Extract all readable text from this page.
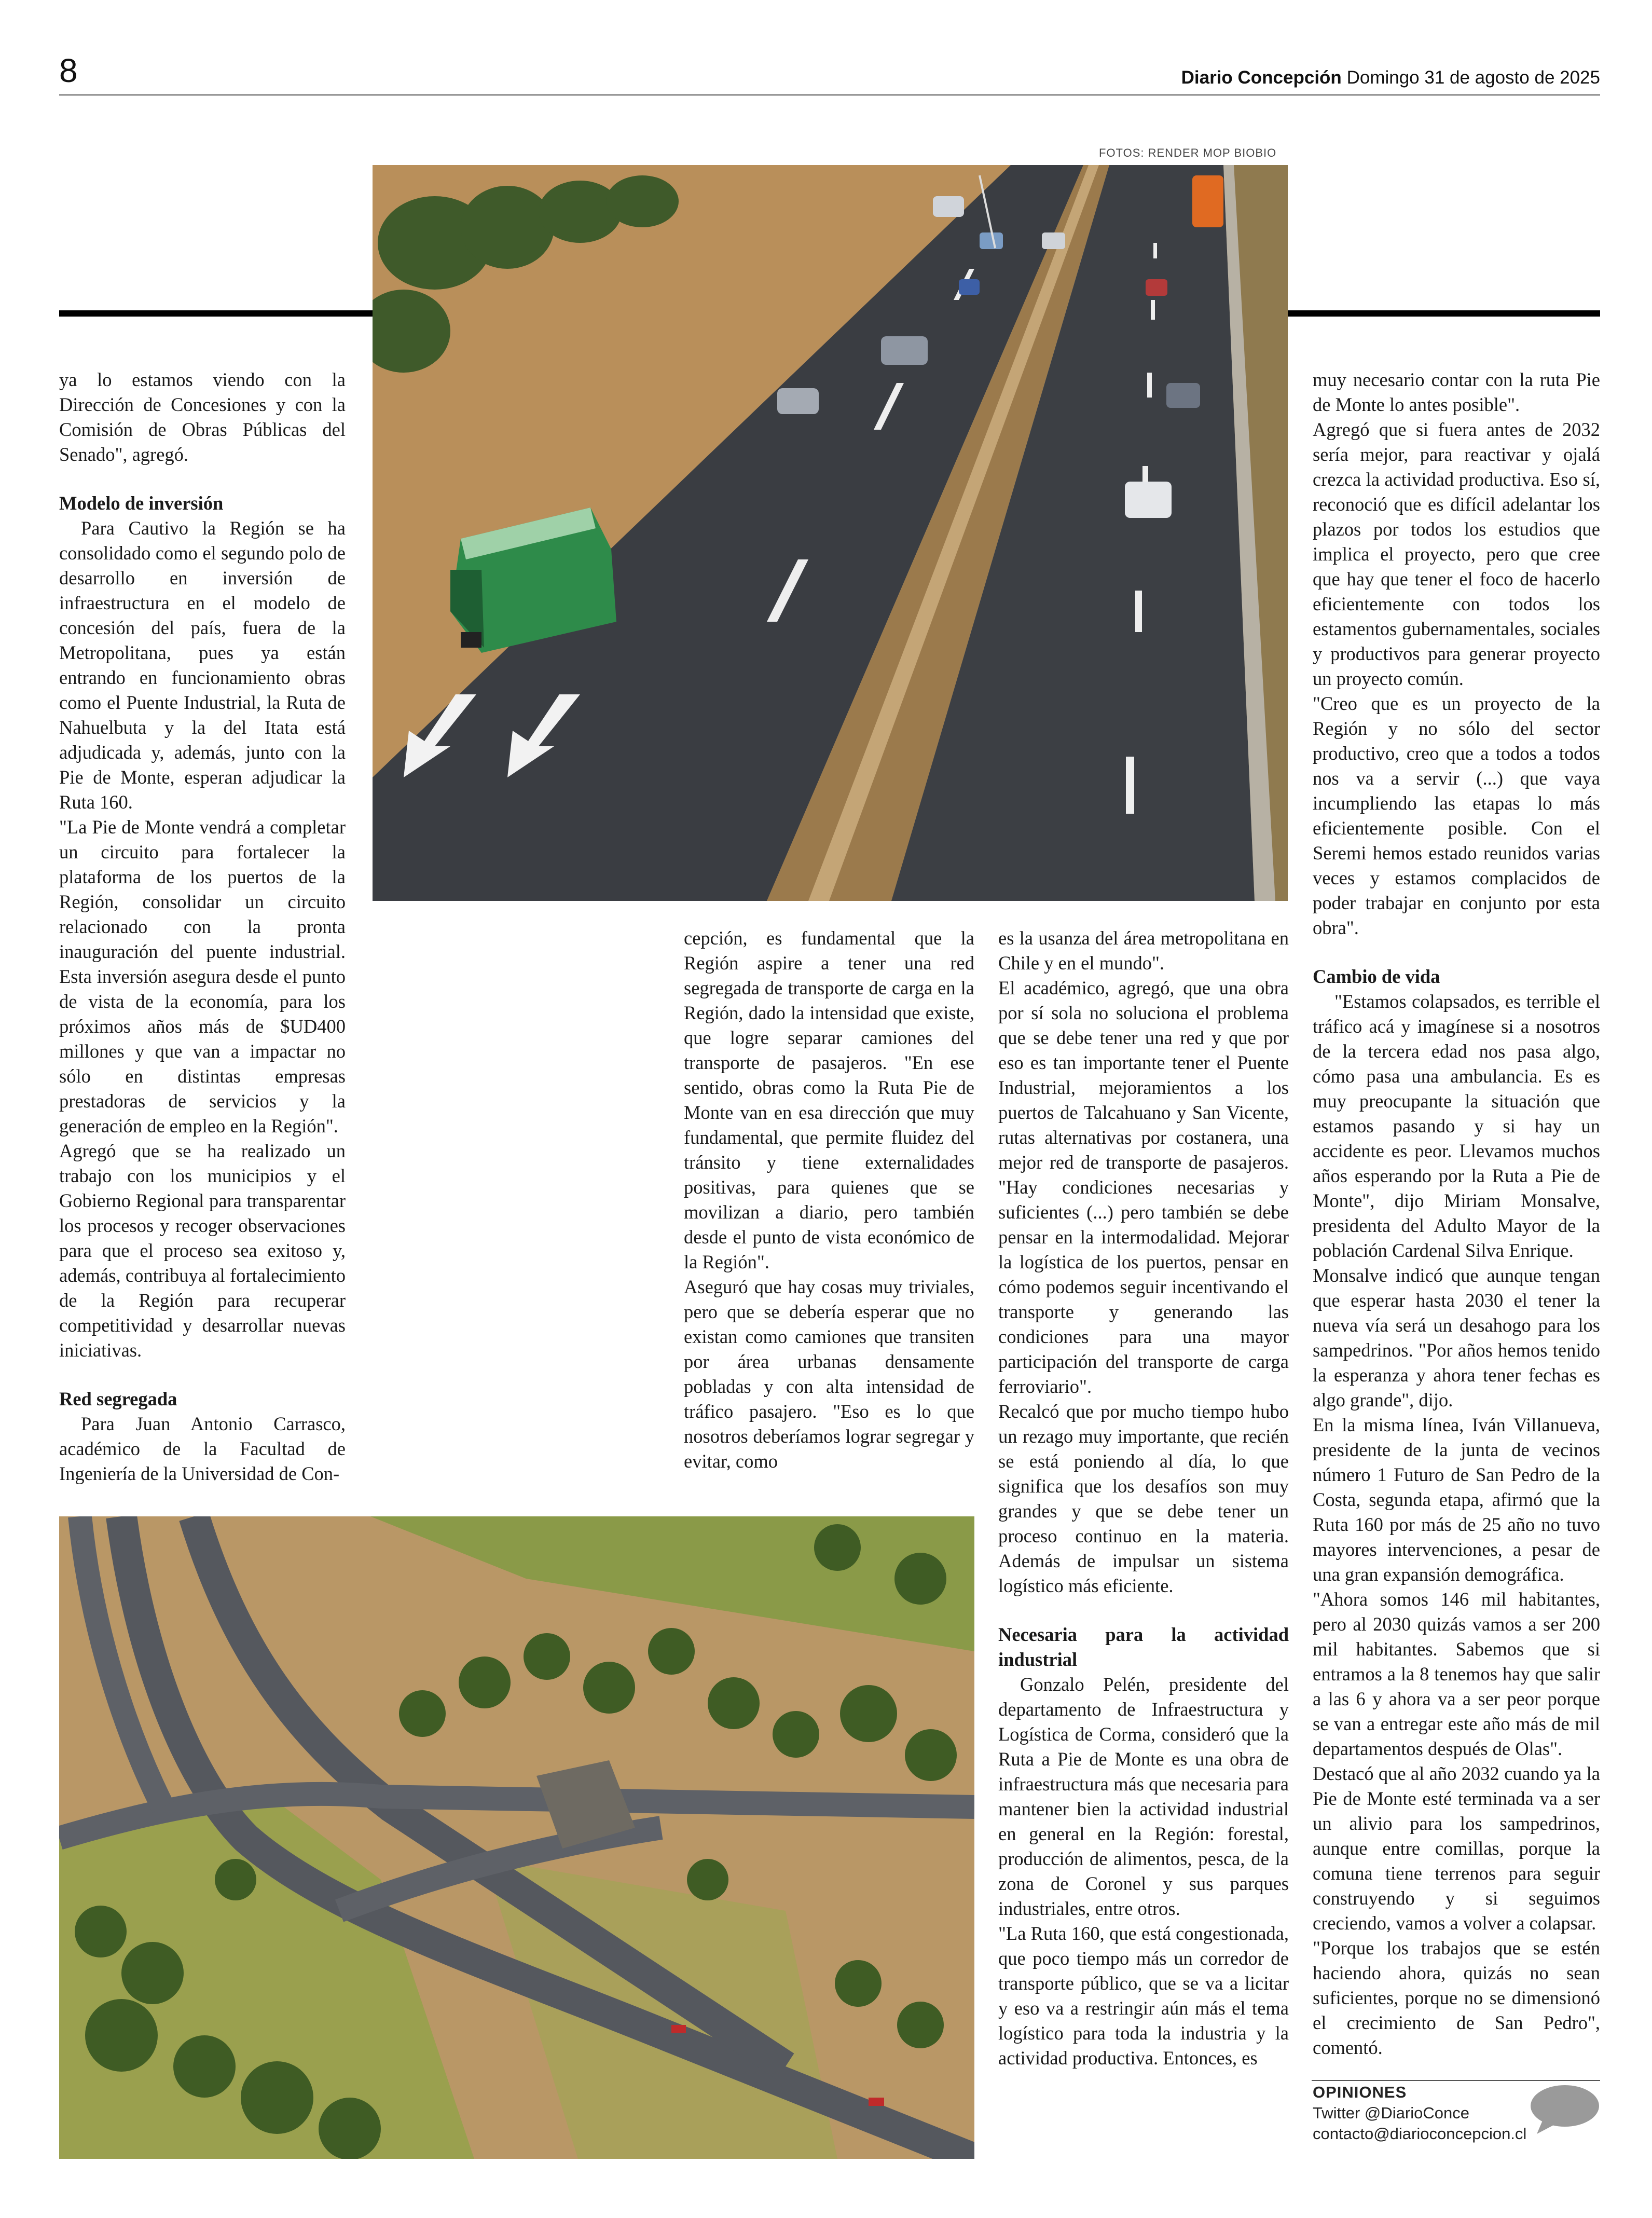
8	Diario Concepción Domingo 31 de agosto de 2025
FOTOS: RENDER MOP BIOBIO

ya lo estamos viendo con la Dirección de Concesiones y con la Comisión de Obras Públicas del Senado", agregó.

Modelo de inversión

Para Cautivo la Región se ha consolidado como el segundo polo de desarrollo en inversión de infraestructura en el modelo de concesión del país, fuera de la Metropolitana, pues ya están entrando en funcionamiento obras como el Puente Industrial, la Ruta de Nahuelbuta y la del Itata está adjudicada y, además, junto con la Pie de Monte, esperan adjudicar la Ruta 160.

"La Pie de Monte vendrá a completar un circuito para fortalecer la plataforma de los puertos de la Región, consolidar un circuito relacionado con la pronta inauguración del puente industrial. Esta inversión asegura desde el punto de vista de la economía, para los próximos años más de $UD400 millones y que van a impactar no sólo en distintas empresas prestadoras de servicios y la generación de empleo en la Región".

Agregó que se ha realizado un trabajo con los municipios y el Gobierno Regional para transparentar los procesos y recoger observaciones para que el proceso sea exitoso y, además, contribuya al fortalecimiento de la Región para recuperar competitividad y desarrollar nuevas iniciativas.

Red segregada

Para Juan Antonio Carrasco, académico de la Facultad de Ingeniería de la Universidad de Con-

cepción, es fundamental que la Región aspire a tener una red segregada de transporte de carga en la Región, dado la intensidad que existe, que logre separar camiones del transporte de pasajeros. "En ese sentido, obras como la Ruta Pie de Monte van en esa dirección que muy fundamental, que permite fluidez del tránsito y tiene externalidades positivas, para quienes que se movilizan a diario, pero también desde el punto de vista económico de la Región".

Aseguró que hay cosas muy triviales, pero que se debería esperar que no existan como camiones que transiten por área urbanas densamente pobladas y con alta intensidad de tráfico pasajero. "Eso es lo que nosotros deberíamos lograr segregar y evitar, como

es la usanza del área metropolitana en Chile y en el mundo".

El académico, agregó, que una obra por sí sola no soluciona el problema que se debe tener una red y que por eso es tan importante tener el Puente Industrial, mejoramientos a los puertos de Talcahuano y San Vicente, rutas alternativas por costanera, una mejor red de transporte de pasajeros. "Hay condiciones necesarias y suficientes (...) pero también se debe pensar en la intermodalidad. Mejorar la logística de los puertos, pensar en cómo podemos seguir incentivando el transporte y generando las condiciones para una mayor participación del transporte de carga ferroviario".

Recalcó que por mucho tiempo hubo un rezago muy importante, que recién se está poniendo al día, lo que significa que los desafíos son muy grandes y que se debe tener un proceso continuo en la materia. Además de impulsar un sistema logístico más eficiente.

Necesaria para la actividad industrial

Gonzalo Pelén, presidente del departamento de Infraestructura y Logística de Corma, consideró que la Ruta a Pie de Monte es una obra de infraestructura más que necesaria para mantener bien la actividad industrial en general en la Región: forestal, producción de alimentos, pesca, de la zona de Coronel y sus parques industriales, entre otros.

"La Ruta 160, que está congestionada, que poco tiempo más un corredor de transporte público, que se va a licitar y eso va a restringir aún más el tema logístico para toda la industria y la actividad productiva. Entonces, es

muy necesario contar con la ruta Pie de Monte lo antes posible".

Agregó que si fuera antes de 2032 sería mejor, para reactivar y ojalá crezca la actividad productiva. Eso sí, reconoció que es difícil adelantar los plazos por todos los estudios que implica el proyecto, pero que cree que hay que tener el foco de hacerlo eficientemente con todos los estamentos gubernamentales, sociales y productivos para generar proyecto un proyecto común.

"Creo que es un proyecto de la Región y no sólo del sector productivo, creo que a todos a todos nos va a servir (...) que vaya incumpliendo las etapas lo más eficientemente posible. Con el Seremi hemos estado reunidos varias veces y estamos complacidos de poder trabajar en conjunto por esta obra".

Cambio de vida

"Estamos colapsados, es terrible el tráfico acá y imagínese si a nosotros de la tercera edad nos pasa algo, cómo pasa una ambulancia. Es es muy preocupante la situación que estamos pasando y si hay un accidente es peor. Llevamos muchos años esperando por la Ruta a Pie de Monte", dijo Miriam Monsalve, presidenta del Adulto Mayor de la población Cardenal Silva Enrique.

Monsalve indicó que aunque tengan que esperar hasta 2030 el tener la nueva vía será un desahogo para los sampedrinos. "Por años hemos tenido la esperanza y ahora tener fechas es algo grande", dijo.

En la misma línea, Iván Villanueva, presidente de la junta de vecinos número 1 Futuro de San Pedro de la Costa, segunda etapa, afirmó que la Ruta 160 por más de 25 año no tuvo mayores intervenciones, a pesar de una gran expansión demográfica.

"Ahora somos 146 mil habitantes, pero al 2030 quizás vamos a ser 200 mil habitantes. Sabemos que si entramos a la 8 tenemos hay que salir a las 6 y ahora va a ser peor porque se van a entregar este año más de mil departamentos después de Olas".

Destacó que al año 2032 cuando ya la Pie de Monte esté terminada va a ser un alivio para los sampedrinos, aunque entre comillas, porque la comuna tiene terrenos para seguir construyendo y si seguimos creciendo, vamos a volver a colapsar.

"Porque los trabajos que se estén haciendo ahora, quizás no sean suficientes, porque no se dimensionó el crecimiento de San Pedro", comentó.

OPINIONES
Twitter @DiarioConce
contacto@diarioconcepcion.cl
